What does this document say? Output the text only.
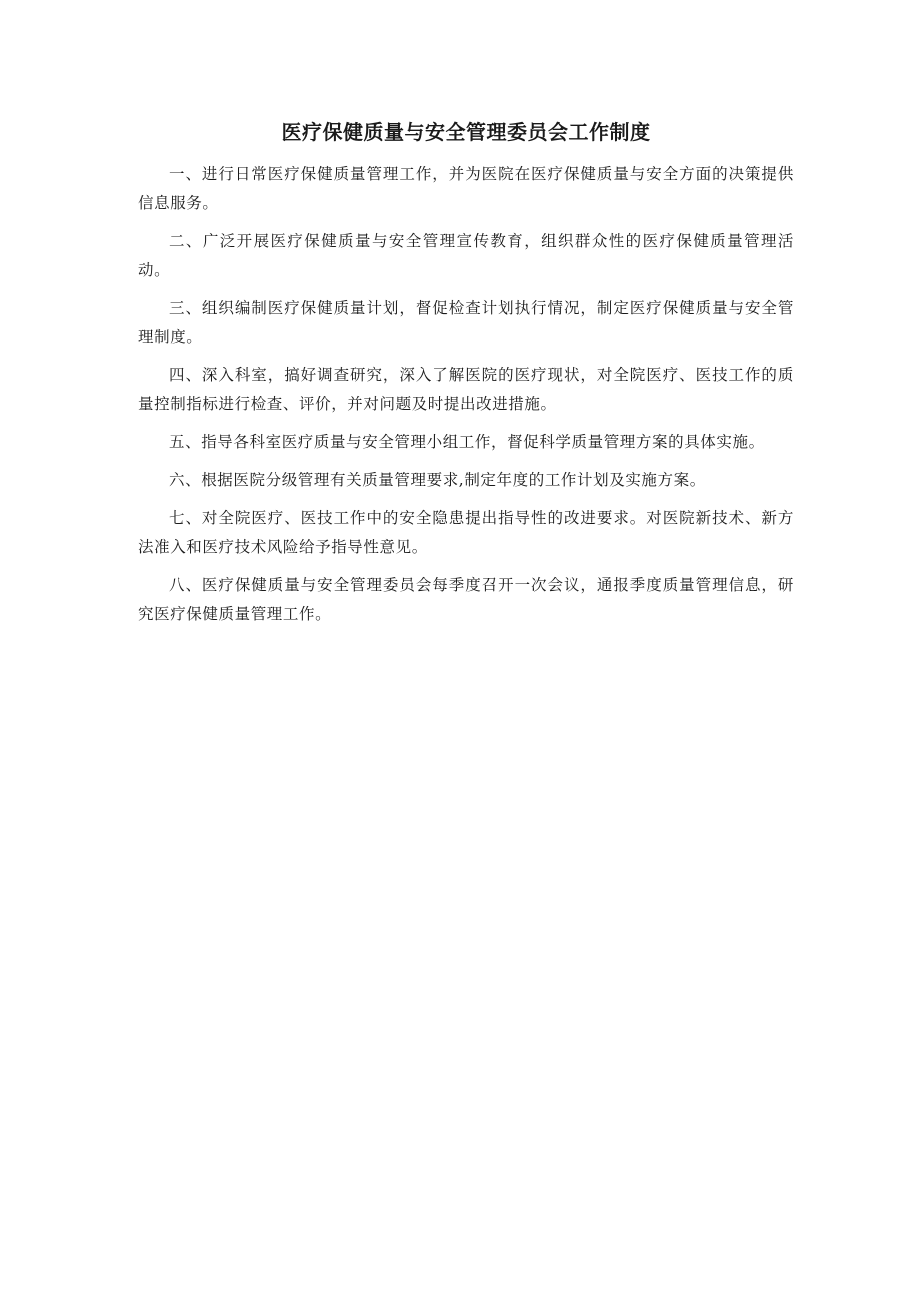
医疗保健质量与安全管理委员会工作制度

一、进行日常医疗保健质量管理工作，并为医院在医疗保健质量与安全方面的决策提供信息服务。

二、广泛开展医疗保健质量与安全管理宣传教育，组织群众性的医疗保健质量管理活动。

三、组织编制医疗保健质量计划，督促检查计划执行情况，制定医疗保健质量与安全管理制度。

四、深入科室，搞好调查研究，深入了解医院的医疗现状，对全院医疗、医技工作的质量控制指标进行检查、评价，并对问题及时提出改进措施。

五、指导各科室医疗质量与安全管理小组工作，督促科学质量管理方案的具体实施。

六、根据医院分级管理有关质量管理要求,制定年度的工作计划及实施方案。

七、对全院医疗、医技工作中的安全隐患提出指导性的改进要求。对医院新技术、新方法准入和医疗技术风险给予指导性意见。

八、医疗保健质量与安全管理委员会每季度召开一次会议，通报季度质量管理信息，研究医疗保健质量管理工作。
